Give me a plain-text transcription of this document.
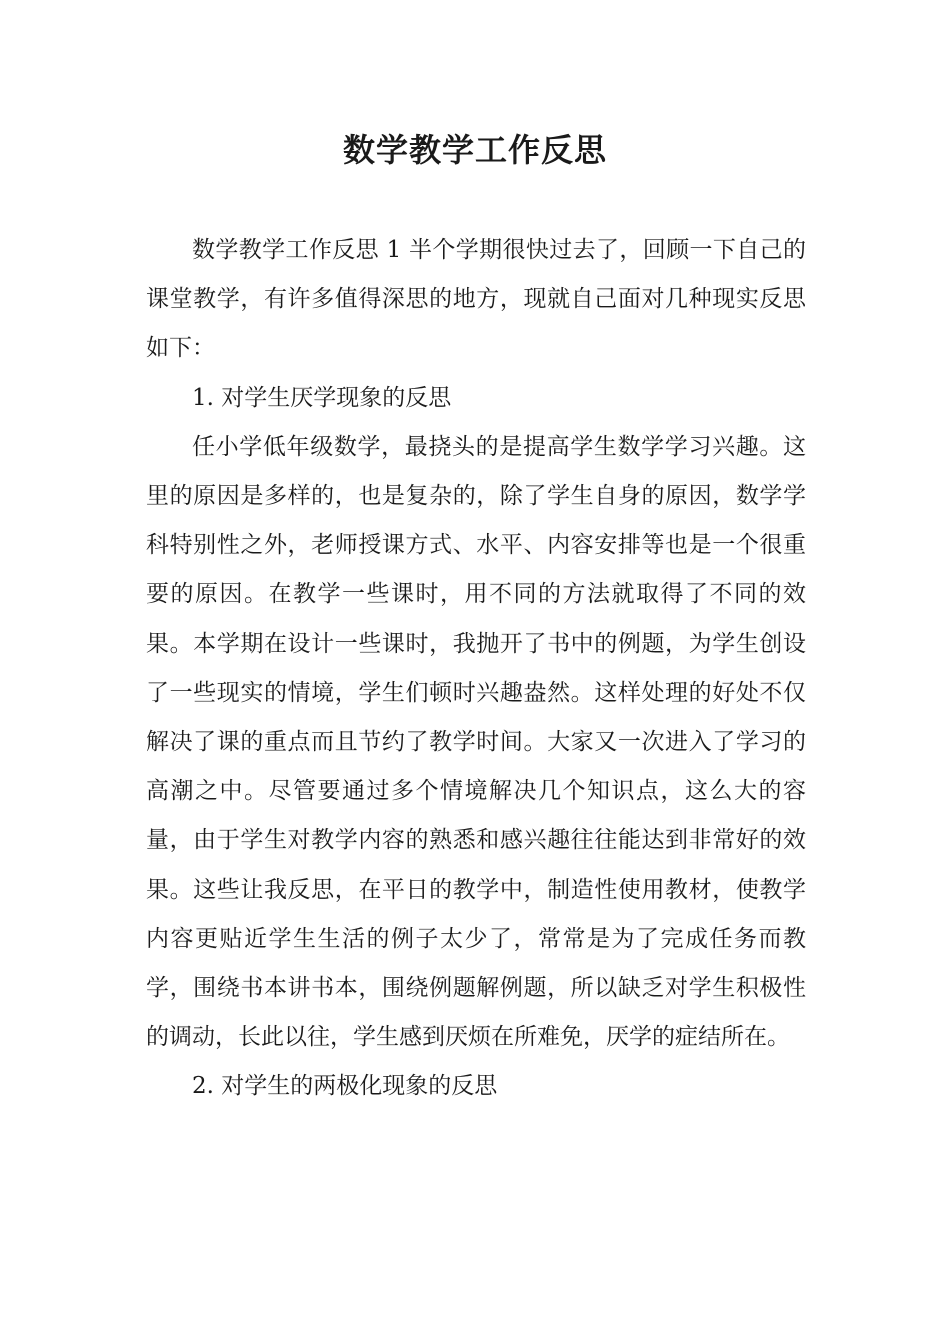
数学教学工作反思

数学教学工作反思 1 半个学期很快过去了，回顾一下自己的课堂教学，有许多值得深思的地方，现就自己面对几种现实反思如下：

1. 对学生厌学现象的反思

任小学低年级数学，最挠头的是提高学生数学学习兴趣。这里的原因是多样的，也是复杂的，除了学生自身的原因，数学学科特别性之外，老师授课方式、水平、内容安排等也是一个很重要的原因。在教学一些课时，用不同的方法就取得了不同的效果。本学期在设计一些课时，我抛开了书中的例题，为学生创设了一些现实的情境，学生们顿时兴趣盎然。这样处理的好处不仅解决了课的重点而且节约了教学时间。大家又一次进入了学习的高潮之中。尽管要通过多个情境解决几个知识点，这么大的容量，由于学生对教学内容的熟悉和感兴趣往往能达到非常好的效果。这些让我反思，在平日的教学中，制造性使用教材，使教学内容更贴近学生生活的例子太少了，常常是为了完成任务而教学，围绕书本讲书本，围绕例题解例题，所以缺乏对学生积极性的调动，长此以往，学生感到厌烦在所难免，厌学的症结所在。

2. 对学生的两极化现象的反思
